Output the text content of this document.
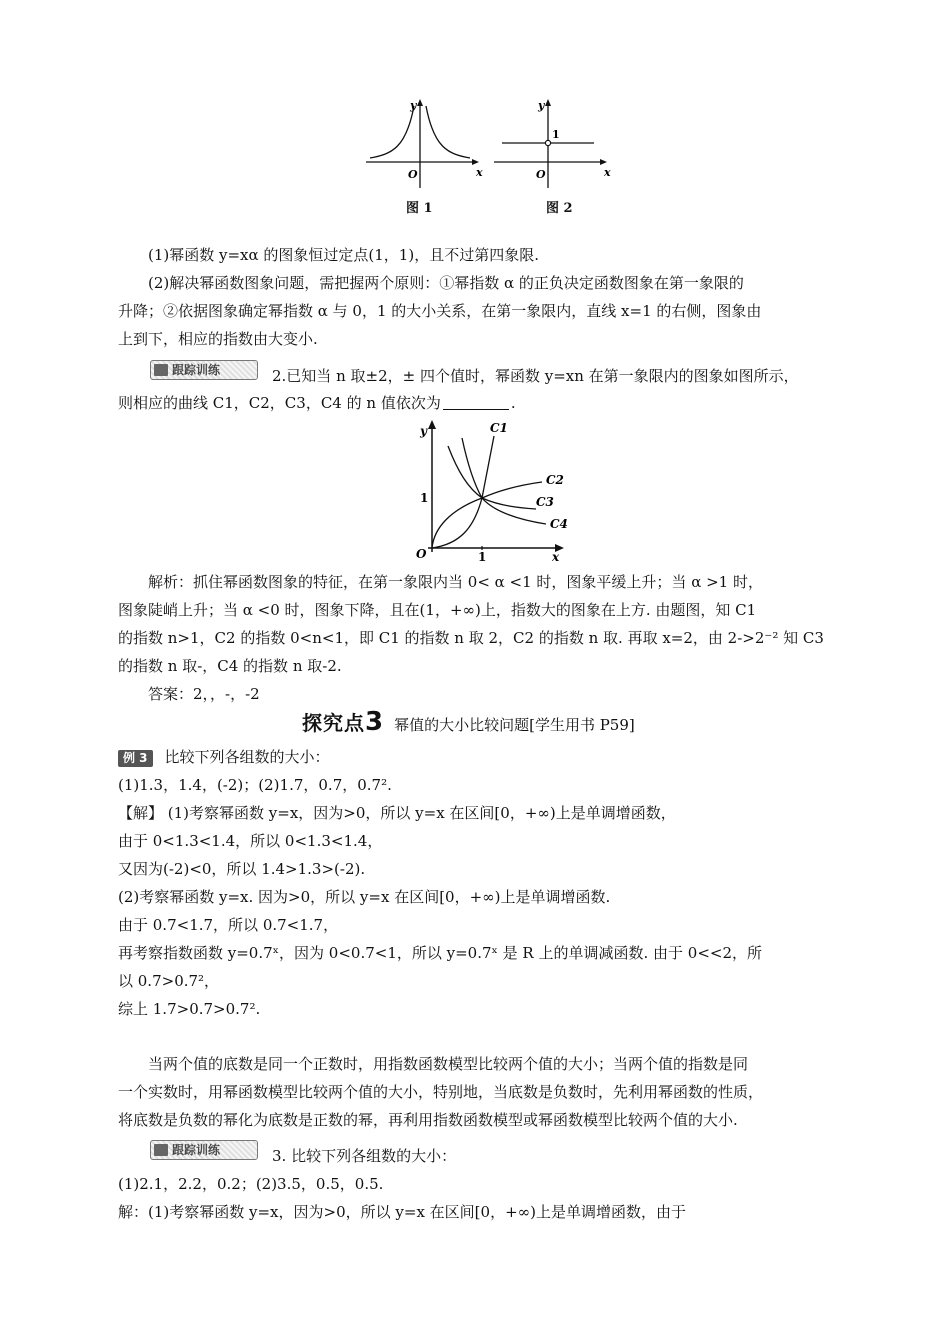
y
x
O
图 1
y
1
x
O
图 2
(1)幂函数 y=xα 的图象恒过定点(1，1)，且不过第四象限.
(2)解决幂函数图象问题，需把握两个原则：①幂指数 α 的正负决定函数图象在第一象限的
升降；②依据图象确定幂指数 α 与 0，1 的大小关系，在第一象限内，直线 x=1 的右侧，图象由
上到下，相应的指数由大变小.
跟踪训练	2.已知当 n 取±2，± 四个值时，幂函数 y=xn 在第一象限内的图象如图所示，
则相应的曲线 C1，C2，C3，C4 的 n 值依次为	.
y
1
1
O	x
C1
C2
C3
C4
解析：抓住幂函数图象的特征，在第一象限内当 0< α <1 时，图象平缓上升；当 α >1 时，
图象陡峭上升；当 α <0 时，图象下降，且在(1，+∞)上，指数大的图象在上方. 由题图，知 C1
的指数 n>1，C2 的指数 0<n<1，即 C1 的指数 n 取 2，C2 的指数 n 取. 再取 x=2，由 2->2⁻² 知 C3
的指数 n 取-，C4 的指数 n 取-2.
答案：2，，-，-2
探究点3 幂值的大小比较问题[学生用书 P59]
例 3 比较下列各组数的大小：
(1)1.3，1.4，(-2)；(2)1.7，0.7，0.7².
【解】 (1)考察幂函数 y=x，因为>0，所以 y=x 在区间[0，+∞)上是单调增函数，
由于 0<1.3<1.4，所以 0<1.3<1.4，
又因为(-2)<0，所以 1.4>1.3>(-2).
(2)考察幂函数 y=x. 因为>0，所以 y=x 在区间[0，+∞)上是单调增函数.
由于 0.7<1.7，所以 0.7<1.7，
再考察指数函数 y=0.7ˣ，因为 0<0.7<1，所以 y=0.7ˣ 是 R 上的单调减函数. 由于 0<<2，所
以 0.7>0.7²，
综上 1.7>0.7>0.7².
当两个值的底数是同一个正数时，用指数函数模型比较两个值的大小；当两个值的指数是同
一个实数时，用幂函数模型比较两个值的大小，特别地，当底数是负数时，先利用幂函数的性质，
将底数是负数的幂化为底数是正数的幂，再利用指数函数模型或幂函数模型比较两个值的大小.
跟踪训练	3. 比较下列各组数的大小：
(1)2.1，2.2，0.2；(2)3.5，0.5，0.5.
解：(1)考察幂函数 y=x，因为>0，所以 y=x 在区间[0，+∞)上是单调增函数，由于
